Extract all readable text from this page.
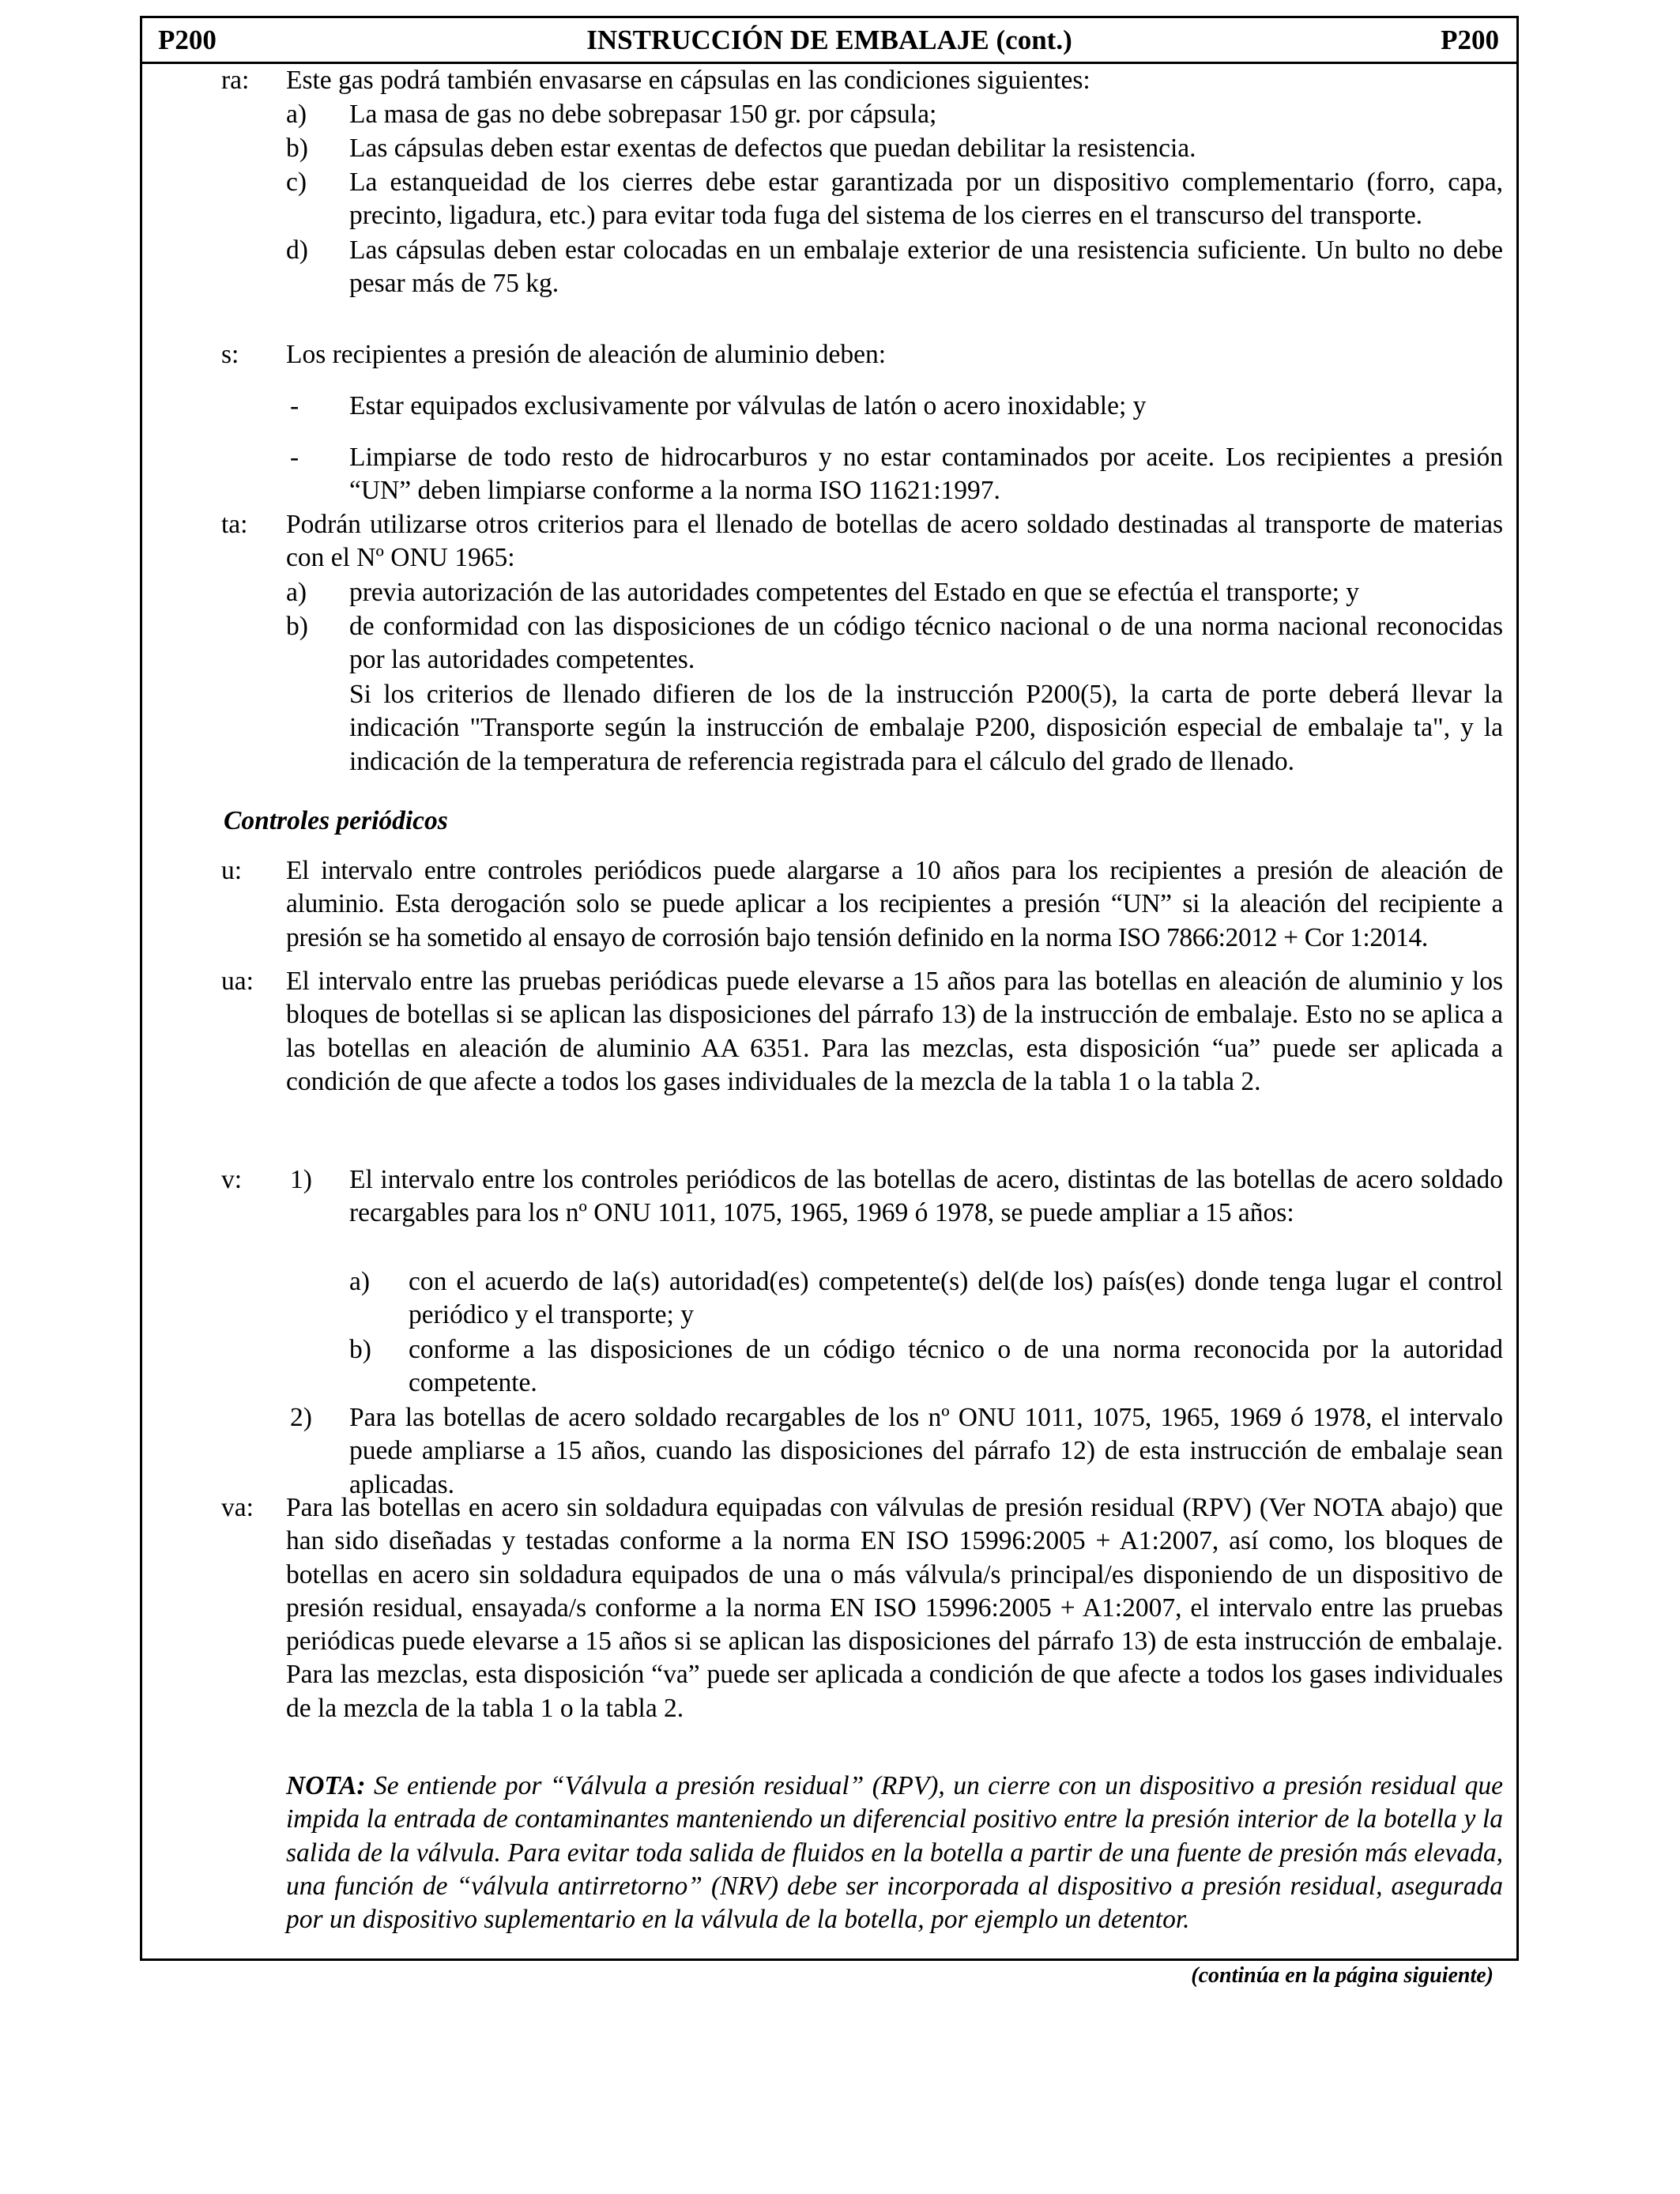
P200	INSTRUCCIÓN DE EMBALAJE (cont.)	P200
ra: Este gas podrá también envasarse en cápsulas en las condiciones siguientes:
a) La masa de gas no debe sobrepasar 150 gr. por cápsula;
b) Las cápsulas deben estar exentas de defectos que puedan debilitar la resistencia.
c) La estanqueidad de los cierres debe estar garantizada por un dispositivo complementario (forro, capa, precinto, ligadura, etc.) para evitar toda fuga del sistema de los cierres en el transcurso del transporte.
d) Las cápsulas deben estar colocadas en un embalaje exterior de una resistencia suficiente. Un bulto no debe pesar más de 75 kg.
s: Los recipientes a presión de aleación de aluminio deben:
- Estar equipados exclusivamente por válvulas de latón o acero inoxidable; y
- Limpiarse de todo resto de hidrocarburos y no estar contaminados por aceite. Los recipientes a presión “UN” deben limpiarse conforme a la norma ISO 11621:1997.
ta: Podrán utilizarse otros criterios para el llenado de botellas de acero soldado destinadas al transporte de materias con el Nº ONU 1965:
a) previa autorización de las autoridades competentes del Estado en que se efectúa el transporte; y
b) de conformidad con las disposiciones de un código técnico nacional o de una norma nacional reconocidas por las autoridades competentes.
Si los criterios de llenado difieren de los de la instrucción P200(5), la carta de porte deberá llevar la indicación "Transporte según la instrucción de embalaje P200, disposición especial de embalaje ta", y la indicación de la temperatura de referencia registrada para el cálculo del grado de llenado.
Controles periódicos
u: El intervalo entre controles periódicos puede alargarse a 10 años para los recipientes a presión de aleación de aluminio. Esta derogación solo se puede aplicar a los recipientes a presión “UN” si la aleación del recipiente a presión se ha sometido al ensayo de corrosión bajo tensión definido en la norma ISO 7866:2012 + Cor 1:2014.
ua: El intervalo entre las pruebas periódicas puede elevarse a 15 años para las botellas en aleación de aluminio y los bloques de botellas si se aplican las disposiciones del párrafo 13) de la instrucción de embalaje. Esto no se aplica a las botellas en aleación de aluminio AA 6351. Para las mezclas, esta disposición “ua” puede ser aplicada a condición de que afecte a todos los gases individuales de la mezcla de la tabla 1 o la tabla 2.
v: 1) El intervalo entre los controles periódicos de las botellas de acero, distintas de las botellas de acero soldado recargables para los nº ONU 1011, 1075, 1965, 1969 ó 1978, se puede ampliar a 15 años:
a) con el acuerdo de la(s) autoridad(es) competente(s) del(de los) país(es) donde tenga lugar el control periódico y el transporte; y
b) conforme a las disposiciones de un código técnico o de una norma reconocida por la autoridad competente.
2) Para las botellas de acero soldado recargables de los nº ONU 1011, 1075, 1965, 1969 ó 1978, el intervalo puede ampliarse a 15 años, cuando las disposiciones del párrafo 12) de esta instrucción de embalaje sean aplicadas.
va: Para las botellas en acero sin soldadura equipadas con válvulas de presión residual (RPV) (Ver NOTA abajo) que han sido diseñadas y testadas conforme a la norma EN ISO 15996:2005 + A1:2007, así como, los bloques de botellas en acero sin soldadura equipados de una o más válvula/s principal/es disponiendo de un dispositivo de presión residual, ensayada/s conforme a la norma EN ISO 15996:2005 + A1:2007, el intervalo entre las pruebas periódicas puede elevarse a 15 años si se aplican las disposiciones del párrafo 13) de esta instrucción de embalaje. Para las mezclas, esta disposición “va” puede ser aplicada a condición de que afecte a todos los gases individuales de la mezcla de la tabla 1 o la tabla 2.
NOTA: Se entiende por “Válvula a presión residual” (RPV), un cierre con un dispositivo a presión residual que impida la entrada de contaminantes manteniendo un diferencial positivo entre la presión interior de la botella y la salida de la válvula. Para evitar toda salida de fluidos en la botella a partir de una fuente de presión más elevada, una función de “válvula antirretorno” (NRV) debe ser incorporada al dispositivo a presión residual, asegurada por un dispositivo suplementario en la válvula de la botella, por ejemplo un detentor.
(continúa en la página siguiente)
